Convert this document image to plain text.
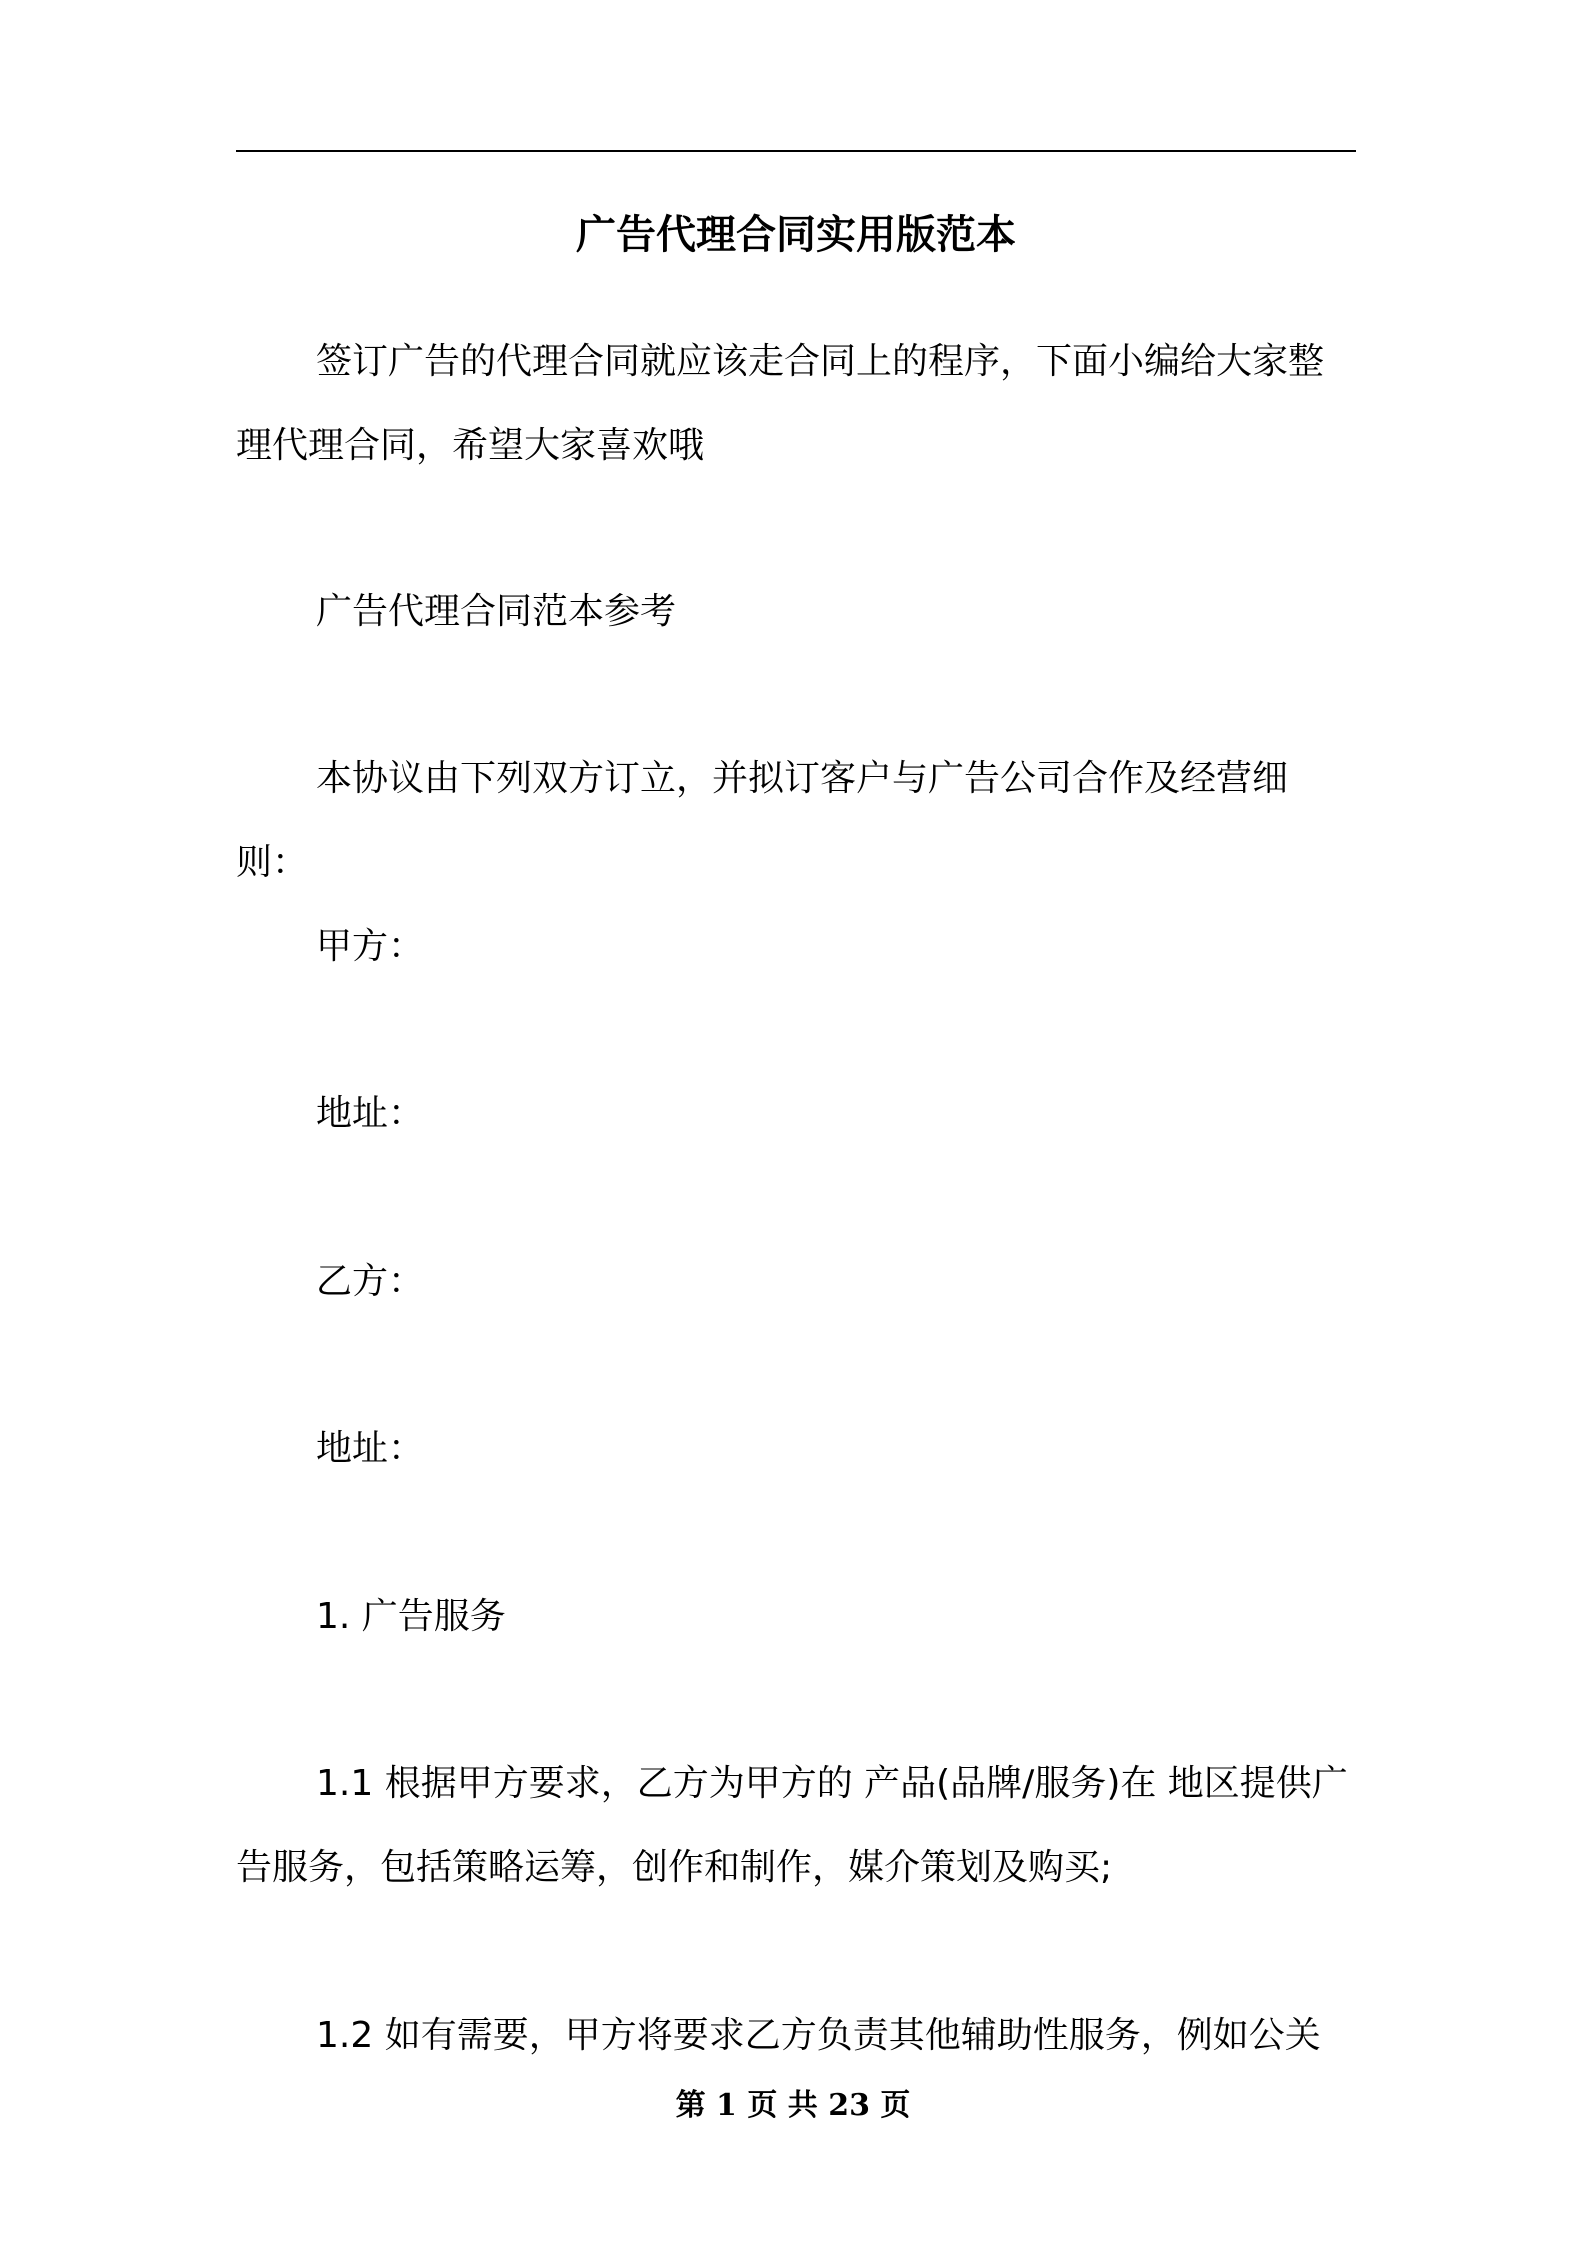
广告代理合同实用版范本

签订广告的代理合同就应该走合同上的程序，下面小编给大家整理代理合同，希望大家喜欢哦

广告代理合同范本参考

本协议由下列双方订立，并拟订客户与广告公司合作及经营细则：

甲方：

地址：

乙方：

地址：

1. 广告服务

1.1 根据甲方要求，乙方为甲方的 产品(品牌/服务)在 地区提供广告服务，包括策略运筹，创作和制作，媒介策划及购买;

1.2 如有需要，甲方将要求乙方负责其他辅助性服务，例如公关

第 1 页 共 23 页
